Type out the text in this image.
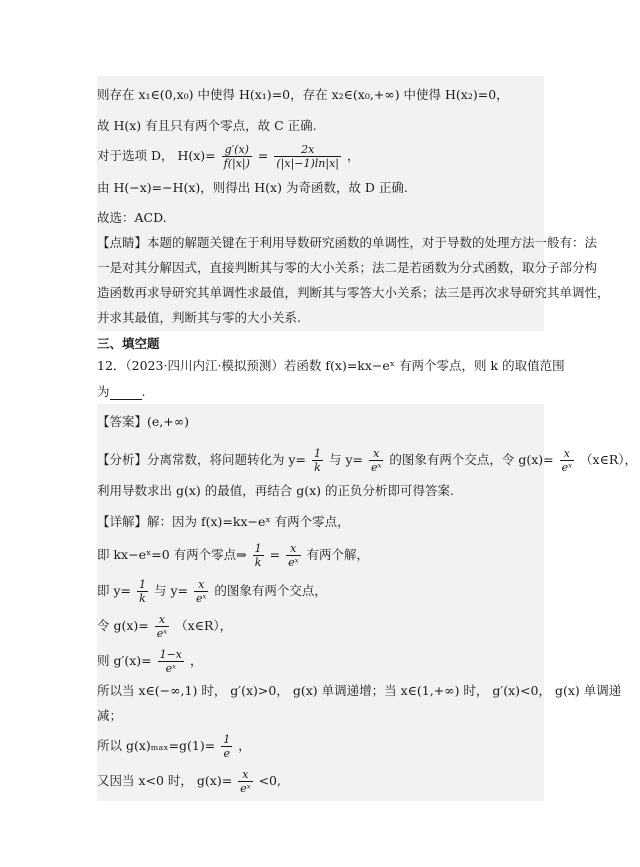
则存在 x₁∈(0,x₀) 中使得 H(x₁)=0，存在 x₂∈(x₀,+∞) 中使得 H(x₂)=0，
故 H(x) 有且只有两个零点，故 C 正确.
对于选项 D， $H(x)= \frac{g'(x)}{f(|x|)} = \frac{2x}{(|x|-1)\ln|x|}$ ，
由 H(−x)=−H(x)，则得出 H(x) 为奇函数，故 D 正确.
故选：ACD.
【点睛】本题的解题关键在于利用导数研究函数的单调性，对于导数的处理方法一般有：法
一是对其分解因式，直接判断其与零的大小关系；法二是若函数为分式函数，取分子部分构
造函数再求导研究其单调性求最值，判断其与零答大小关系；法三是再次求导研究其单调性，
并求其最值，判断其与零的大小关系.
三、填空题
12．（2023·四川内江·模拟预测）若函数 f(x)=kx−eˣ 有两个零点，则 k 的取值范围
为	.
【答案】(e,+∞)
【分析】分离常数，将问题转化为 $y= \frac{1}{k}$ 与 $y= \frac{x}{\text{eˣ}}$ 的图象有两个交点，令 $g(x)= \frac{x}{\text{eˣ}}$ （x∈R），
利用导数求出 g(x) 的最值，再结合 g(x) 的正负分析即可得答案.
【详解】解：因为 f(x)=kx−eˣ 有两个零点，
即 kx−eˣ=0 有两个零点⇒ $\frac{1}{k} = \frac{x}{\text{eˣ}}$ 有两个解，
即 $y= \frac{1}{k}$ 与 $y= \frac{x}{\text{eˣ}}$ 的图象有两个交点，
令 $g(x)= \frac{x}{\text{eˣ}}$ （x∈R），
则 $g'(x)= \frac{1-x}{\text{eˣ}}$ ，
所以当 x∈(−∞,1) 时， g′(x)>0， g(x) 单调递增；当 x∈(1,+∞) 时， g′(x)<0， g(x) 单调递
减；
所以 $g(x)_{max}=g(1)= \frac{1}{e}$ ，
又因当 x<0 时， $g(x)= \frac{x}{\text{eˣ}} <0$,
